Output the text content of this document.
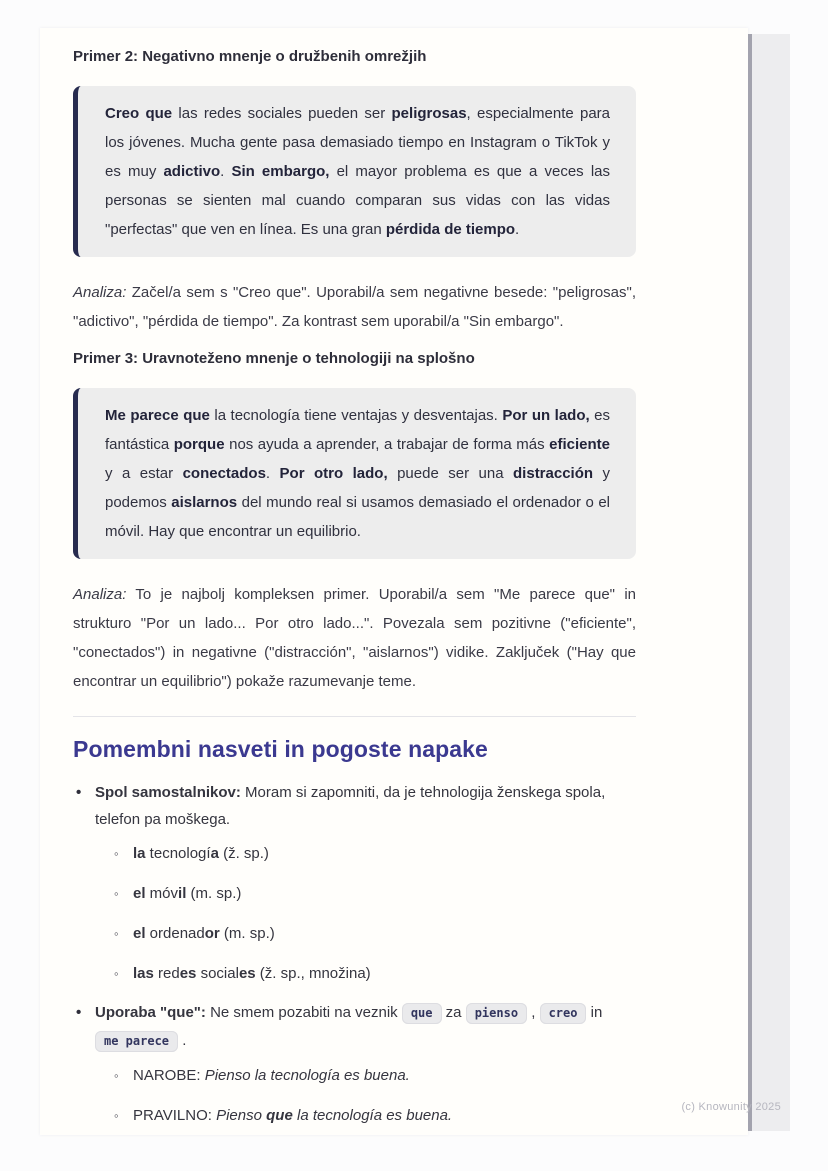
Primer 2: Negativno mnenje o družbenih omrežjih

Creo que las redes sociales pueden ser peligrosas, especialmente para los jóvenes. Mucha gente pasa demasiado tiempo en Instagram o TikTok y es muy adictivo. Sin embargo, el mayor problema es que a veces las personas se sienten mal cuando comparan sus vidas con las vidas "perfectas" que ven en línea. Es una gran pérdida de tiempo.

Analiza: Začel/a sem s "Creo que". Uporabil/a sem negativne besede: "peligrosas", "adictivo", "pérdida de tiempo". Za kontrast sem uporabil/a "Sin embargo".

Primer 3: Uravnoteženo mnenje o tehnologiji na splošno

Me parece que la tecnología tiene ventajas y desventajas. Por un lado, es fantástica porque nos ayuda a aprender, a trabajar de forma más eficiente y a estar conectados. Por otro lado, puede ser una distracción y podemos aislarnos del mundo real si usamos demasiado el ordenador o el móvil. Hay que encontrar un equilibrio.

Analiza: To je najbolj kompleksen primer. Uporabil/a sem "Me parece que" in strukturo "Por un lado... Por otro lado...". Povezala sem pozitivne ("eficiente", "conectados") in negativne ("distracción", "aislarnos") vidike. Zaključek ("Hay que encontrar un equilibrio") pokaže razumevanje teme.

Pomembni nasveti in pogoste napake
• Spol samostalnikov: Moram si zapomniti, da je tehnologija ženskega spola, telefon pa moškega.
◦ la tecnología (ž. sp.)
◦ el móvil (m. sp.)
◦ el ordenador (m. sp.)
◦ las redes sociales (ž. sp., množina)
• Uporaba "que": Ne smem pozabiti na veznik que za pienso , creo in me parece .
◦ NAROBE: Pienso la tecnología es buena.
◦ PRAVILNO: Pienso que la tecnología es buena.	(c) Knowunity 2025
